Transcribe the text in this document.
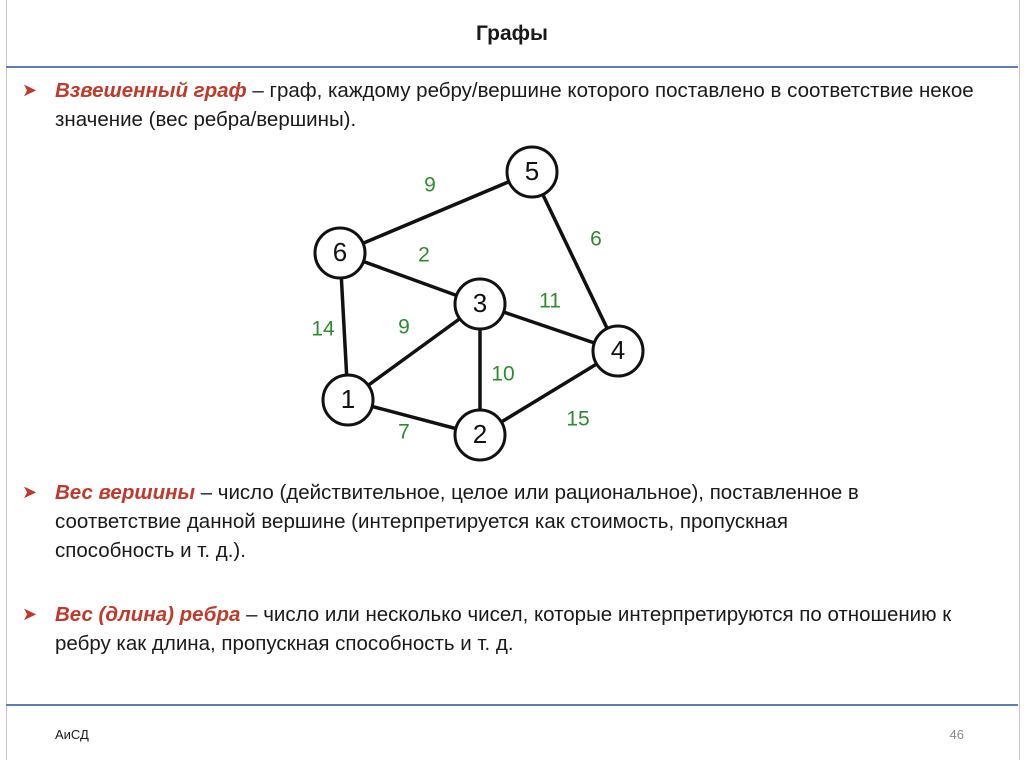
Графы
➤ Взвешенный граф – граф, каждому ребру/вершине которого поставлено в соответствие некое значение (вес ребра/вершины).
9
6
2
14	9
11
10
7
15
1
2
3
4
5
6
➤ Вес вершины – число (действительное, целое или рациональное), поставленное в соответствие данной вершине (интерпретируется как стоимость, пропускная способность и т. д.).
➤ Вес (длина) ребра – число или несколько чисел, которые интерпретируются по отношению к ребру как длина, пропускная способность и т. д.
АиСД	46
